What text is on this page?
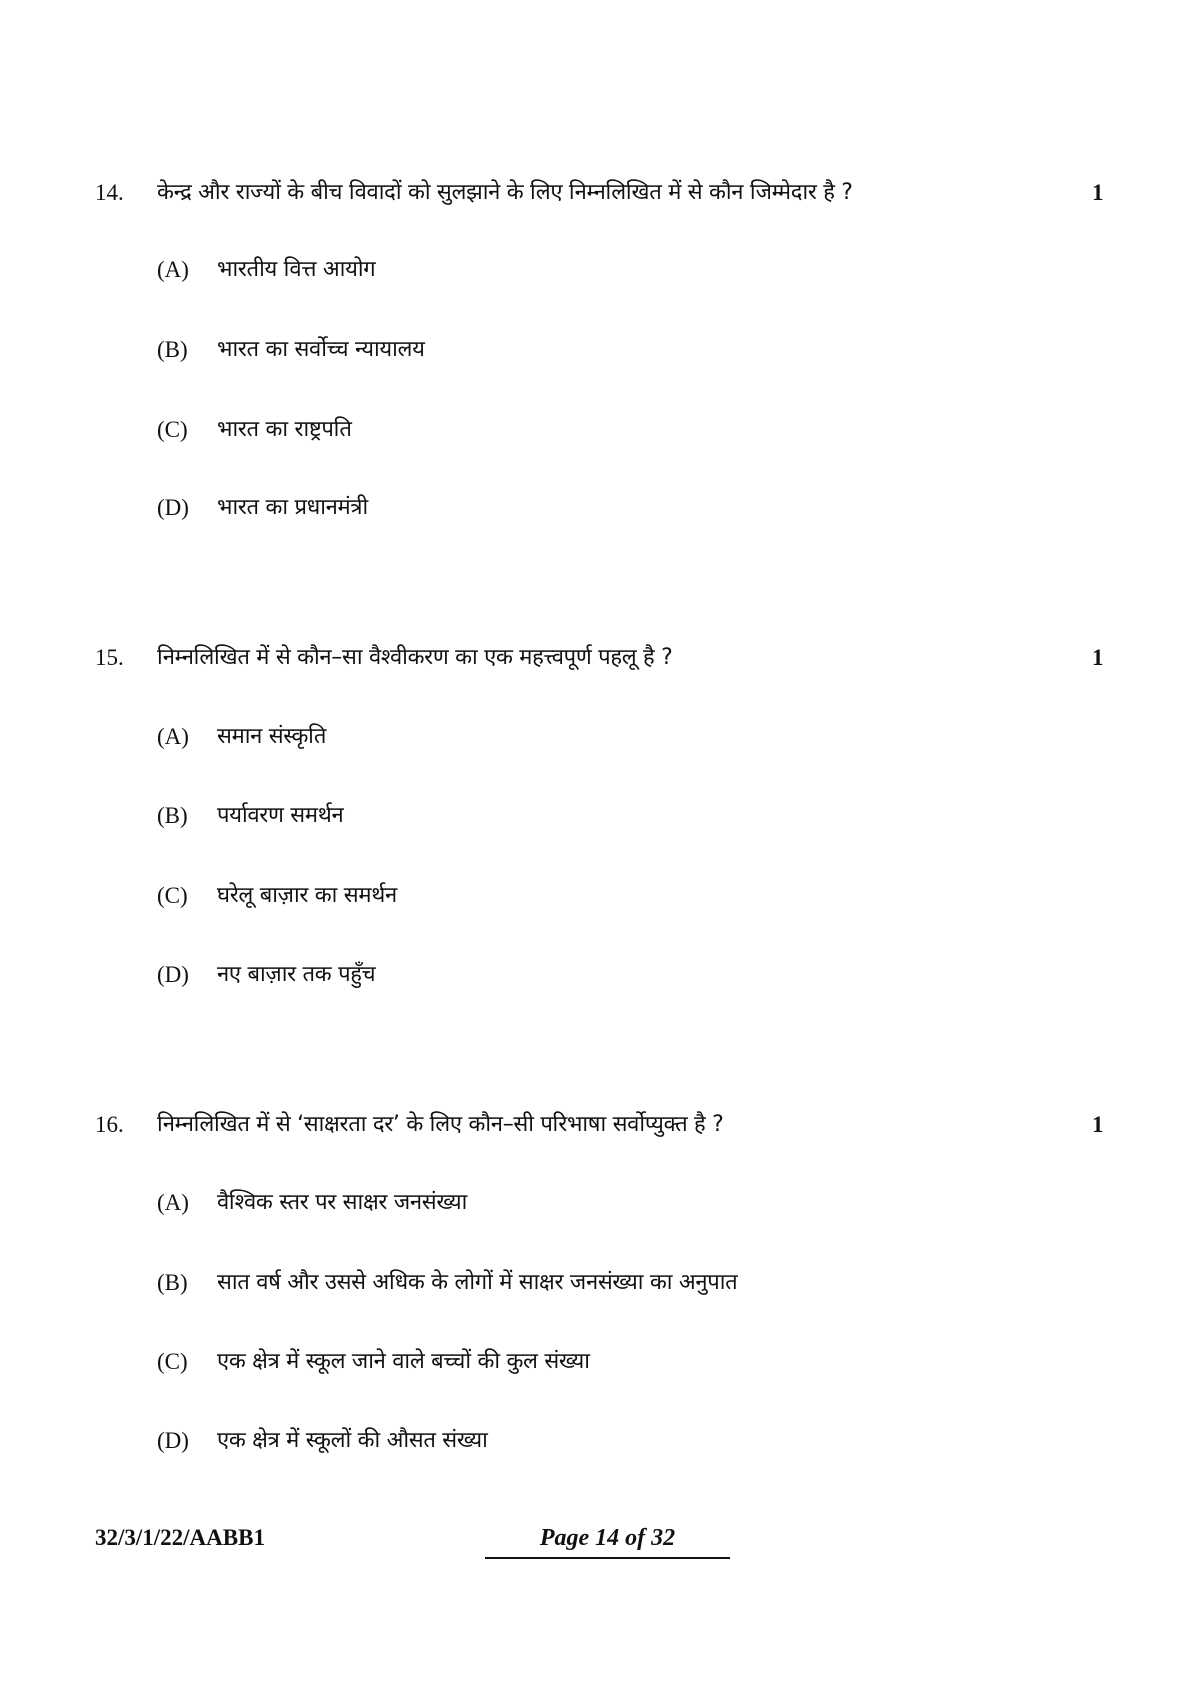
14. केन्द्र और राज्यों के बीच विवादों को सुलझाने के लिए निम्नलिखित में से कौन जिम्मेदार है ?	1
(A) भारतीय वित्त आयोग
(B) भारत का सर्वोच्च न्यायालय
(C) भारत का राष्ट्रपति
(D) भारत का प्रधानमंत्री
15. निम्नलिखित में से कौन–सा वैश्वीकरण का एक महत्त्वपूर्ण पहलू है ?	1
(A) समान संस्कृति
(B) पर्यावरण समर्थन
(C) घरेलू बाज़ार का समर्थन
(D) नए बाज़ार तक पहुँच
16. निम्नलिखित में से ‘साक्षरता दर’ के लिए कौन–सी परिभाषा सर्वोप्युक्त है ?	1
(A) वैश्विक स्तर पर साक्षर जनसंख्या
(B) सात वर्ष और उससे अधिक के लोगों में साक्षर जनसंख्या का अनुपात
(C) एक क्षेत्र में स्कूल जाने वाले बच्चों की कुल संख्या
(D) एक क्षेत्र में स्कूलों की औसत संख्या
32/3/1/22/AABB1	Page 14 of 32
